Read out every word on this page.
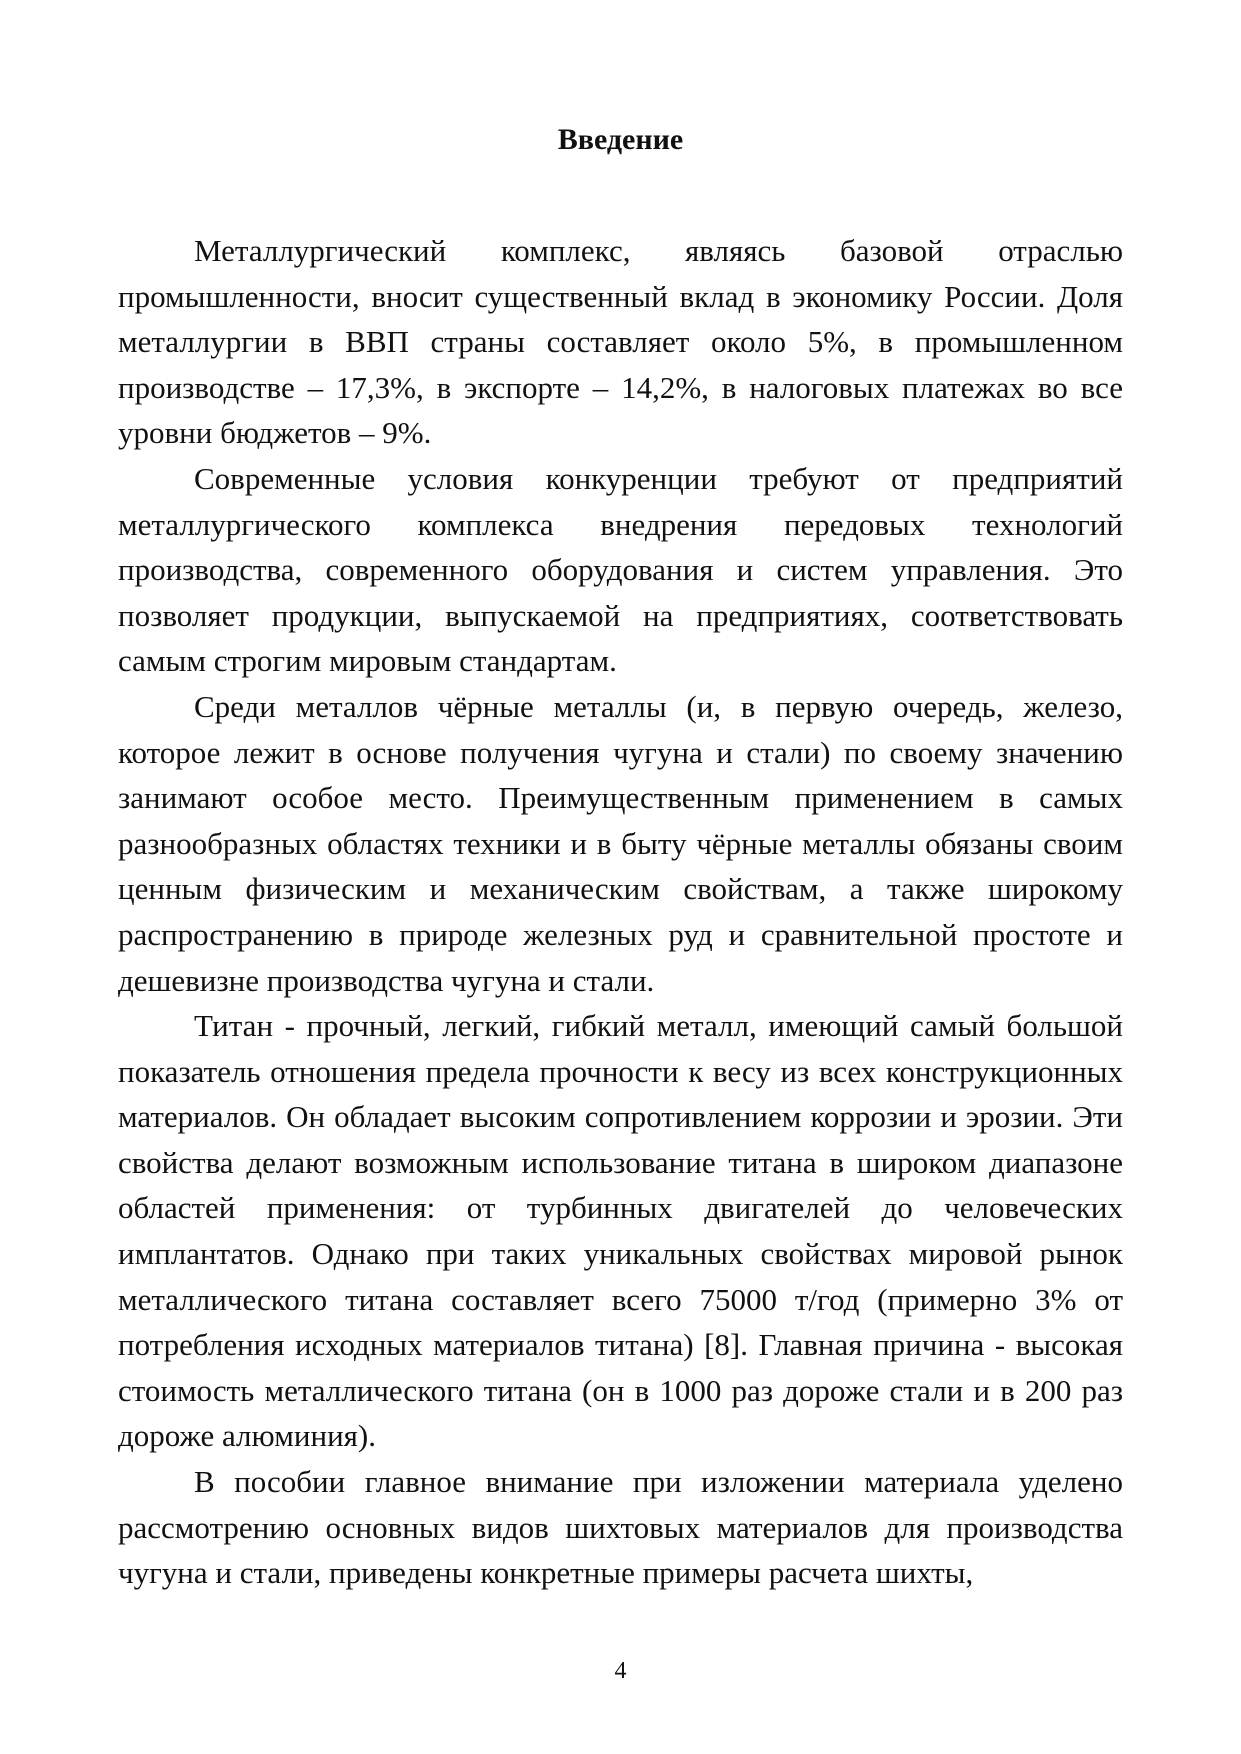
Введение

Металлургический комплекс, являясь базовой отраслью промышленности, вносит существенный вклад в экономику России. Доля металлургии в ВВП страны составляет около 5%, в промышленном производстве – 17,3%, в экспорте – 14,2%, в налоговых платежах во все уровни бюджетов – 9%.

Современные условия конкуренции требуют от предприятий металлургического комплекса внедрения передовых технологий производства, современного оборудования и систем управления. Это позволяет продукции, выпускаемой на предприятиях, соответствовать самым строгим мировым стандартам.

Среди металлов чёрные металлы (и, в первую очередь, железо, которое лежит в основе получения чугуна и стали) по своему значению занимают особое место. Преимущественным применением в самых разнообразных областях техники и в быту чёрные металлы обязаны своим ценным физическим и механическим свойствам, а также широкому распространению в природе железных руд и сравнительной простоте и дешевизне производства чугуна и стали.

Титан - прочный, легкий, гибкий металл, имеющий самый большой показатель отношения предела прочности к весу из всех конструкционных материалов. Он обладает высоким сопротивлением коррозии и эрозии. Эти свойства делают возможным использование титана в широком диапазоне областей применения: от турбинных двигателей до человеческих имплантатов. Однако при таких уникальных свойствах мировой рынок металлического титана составляет всего 75000 т/год (примерно 3% от потребления исходных материалов титана) [8]. Главная причина - высокая стоимость металлического титана (он в 1000 раз дороже стали и в 200 раз дороже алюминия).

В пособии главное внимание при изложении материала уделено рассмотрению основных видов шихтовых материалов для производства чугуна и стали, приведены конкретные примеры расчета шихты,

4
